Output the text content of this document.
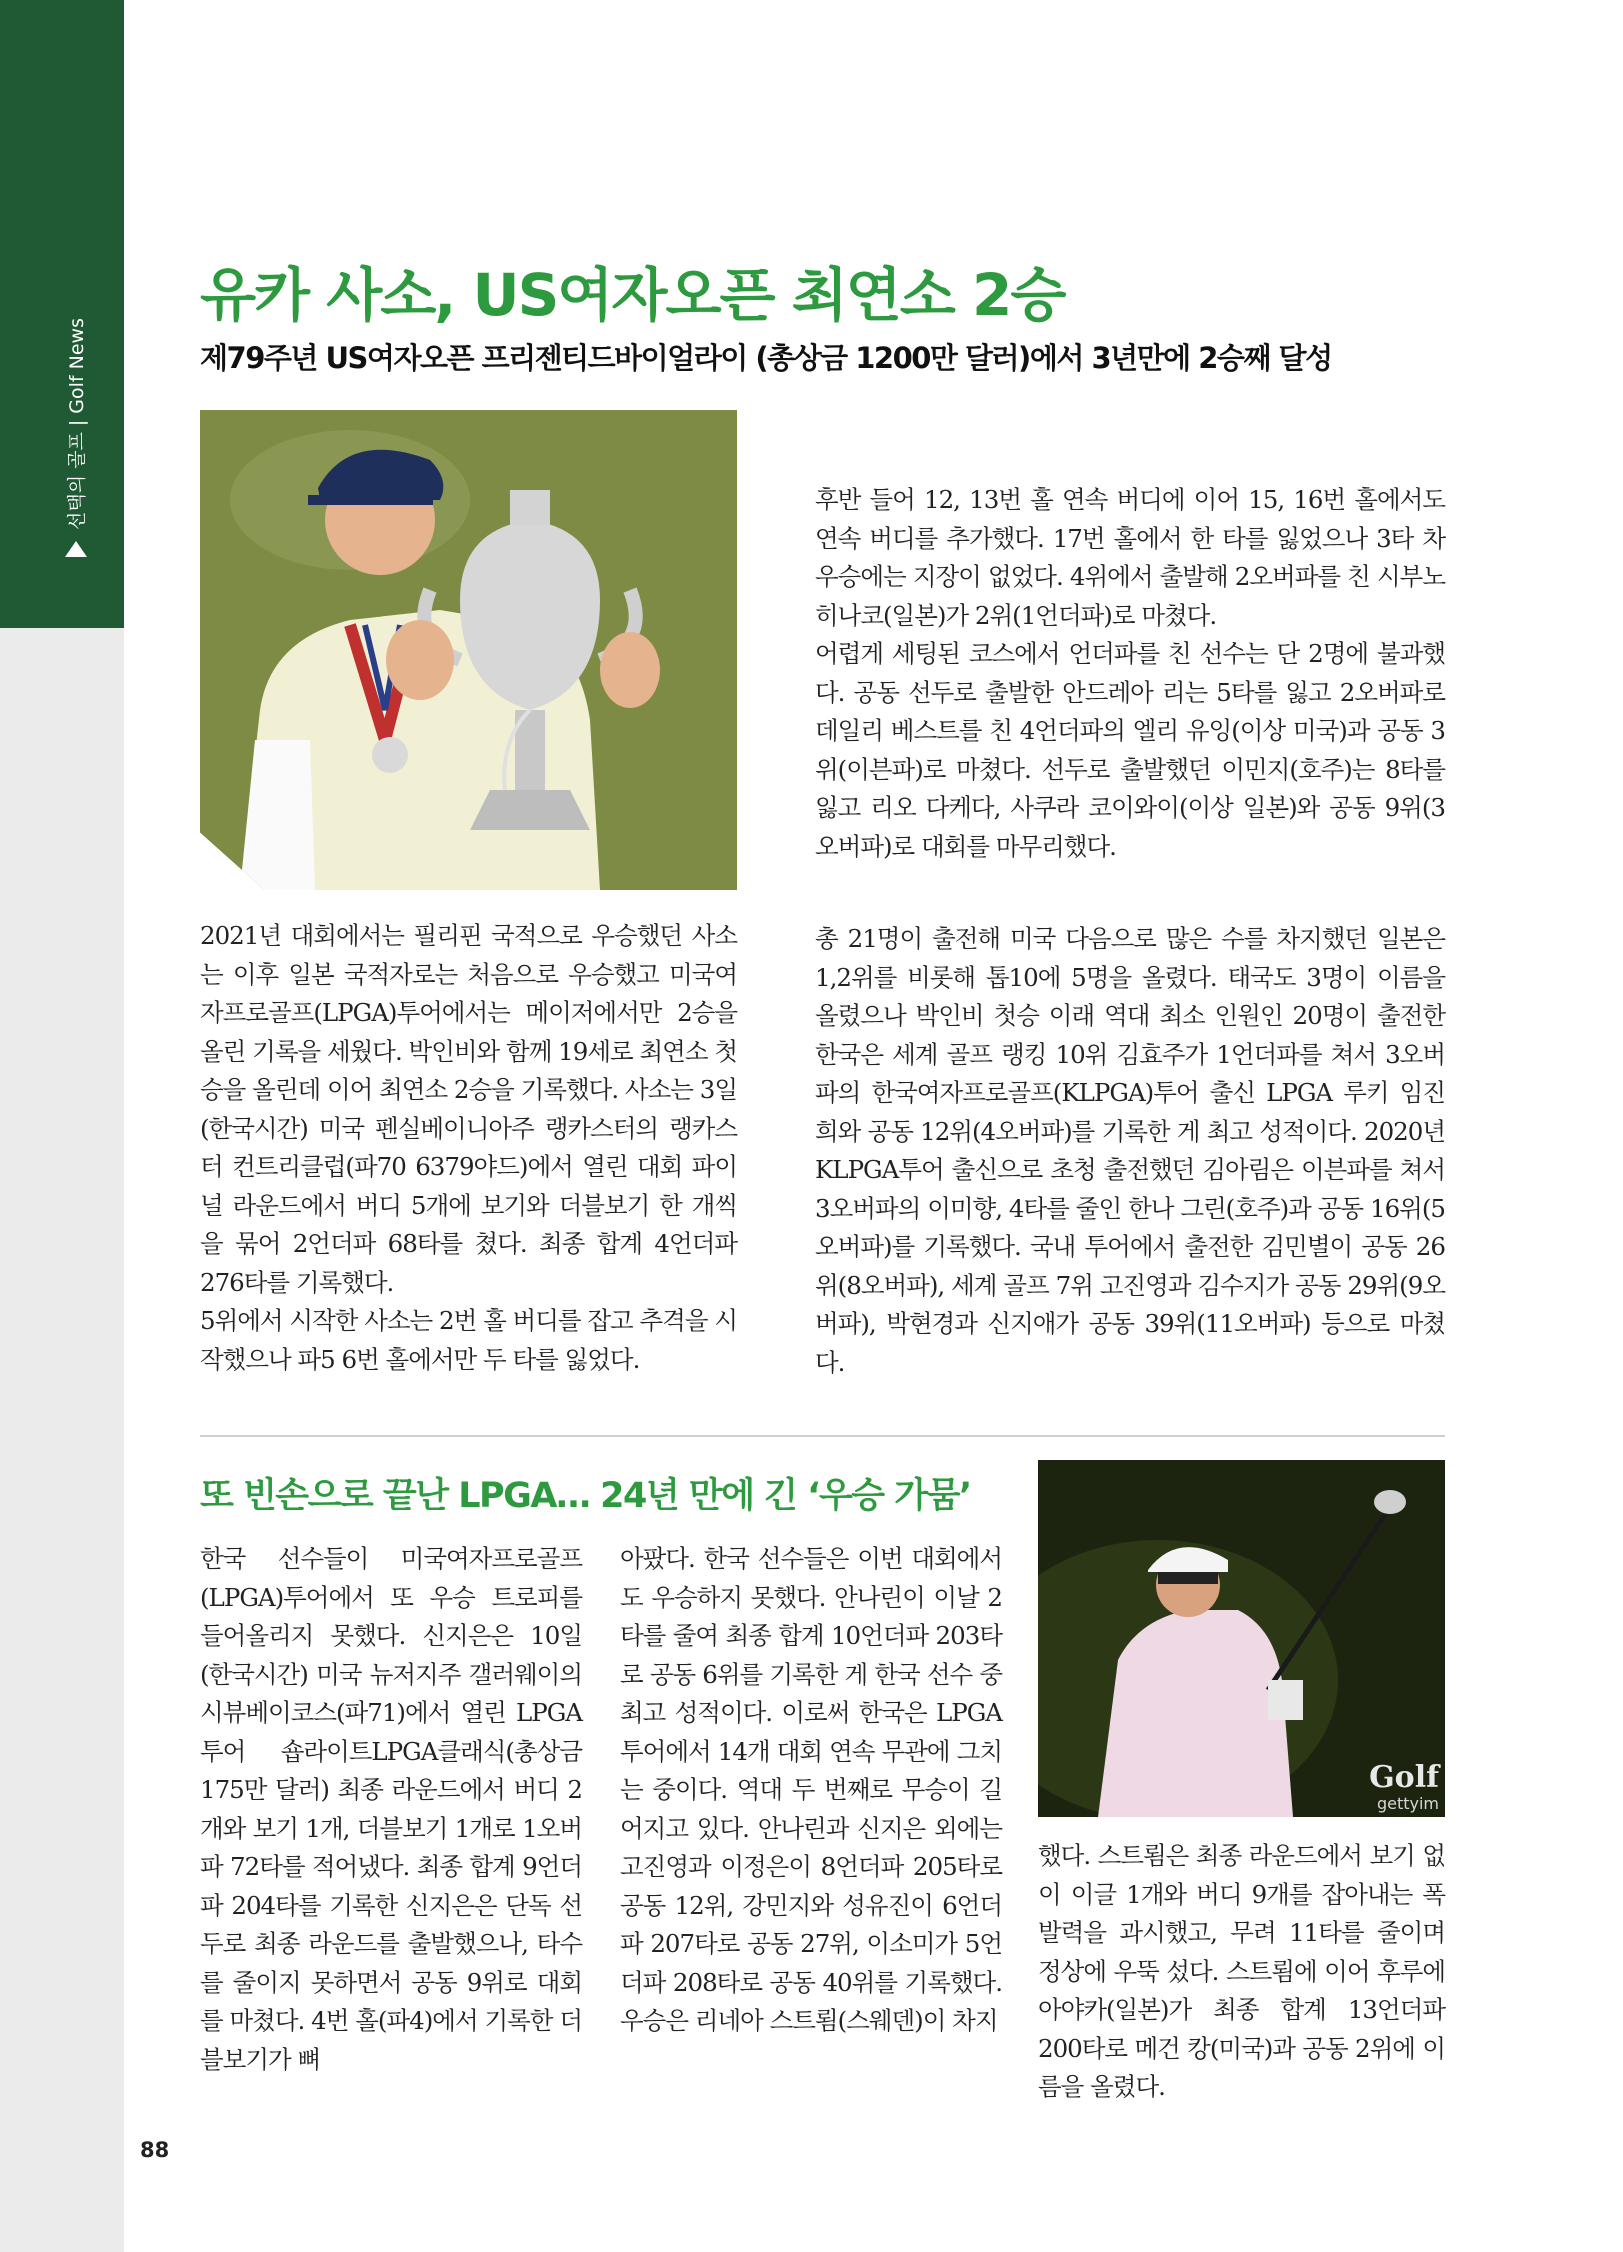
선택의 골프 | Golf News
유카 사소, US여자오픈 최연소 2승
제79주년 US여자오픈 프리젠티드바이얼라이 (총상금 1200만 달러)에서 3년만에 2승째 달성

후반 들어 12, 13번 홀 연속 버디에 이어 15, 16번 홀에서도 연속 버디를 추가했다. 17번 홀에서 한 타를 잃었으나 3타 차 우승에는 지장이 없었다. 4위에서 출발해 2오버파를 친 시부노 히나코(일본)가 2위(1언더파)로 마쳤다.
어렵게 세팅된 코스에서 언더파를 친 선수는 단 2명에 불과했다. 공동 선두로 출발한 안드레아 리는 5타를 잃고 2오버파로 데일리 베스트를 친 4언더파의 엘리 유잉(이상 미국)과 공동 3위(이븐파)로 마쳤다. 선두로 출발했던 이민지(호주)는 8타를 잃고 리오 다케다, 사쿠라 코이와이(이상 일본)와 공동 9위(3오버파)로 대회를 마무리했다.

2021년 대회에서는 필리핀 국적으로 우승했던 사소는 이후 일본 국적자로는 처음으로 우승했고 미국여자프로골프(LPGA)투어에서는 메이저에서만 2승을 올린 기록을 세웠다. 박인비와 함께 19세로 최연소 첫승을 올린데 이어 최연소 2승을 기록했다. 사소는 3일(한국시간) 미국 펜실베이니아주 랭카스터의 랭카스터 컨트리클럽(파70 6379야드)에서 열린 대회 파이널 라운드에서 버디 5개에 보기와 더블보기 한 개씩을 묶어 2언더파 68타를 쳤다. 최종 합계 4언더파 276타를 기록했다.
5위에서 시작한 사소는 2번 홀 버디를 잡고 추격을 시작했으나 파5 6번 홀에서만 두 타를 잃었다.

총 21명이 출전해 미국 다음으로 많은 수를 차지했던 일본은 1,2위를 비롯해 톱10에 5명을 올렸다. 태국도 3명이 이름을 올렸으나 박인비 첫승 이래 역대 최소 인원인 20명이 출전한 한국은 세계 골프 랭킹 10위 김효주가 1언더파를 쳐서 3오버파의 한국여자프로골프(KLPGA)투어 출신 LPGA 루키 임진희와 공동 12위(4오버파)를 기록한 게 최고 성적이다. 2020년 KLPGA투어 출신으로 초청 출전했던 김아림은 이븐파를 쳐서 3오버파의 이미향, 4타를 줄인 한나 그린(호주)과 공동 16위(5오버파)를 기록했다. 국내 투어에서 출전한 김민별이 공동 26위(8오버파), 세계 골프 7위 고진영과 김수지가 공동 29위(9오버파), 박현경과 신지애가 공동 39위(11오버파) 등으로 마쳤다.

또 빈손으로 끝난 LPGA… 24년 만에 긴 ‘우승 가뭄’

한국 선수들이 미국여자프로골프(LPGA)투어에서 또 우승 트로피를 들어올리지 못했다. 신지은은 10일(한국시간) 미국 뉴저지주 갤러웨이의 시뷰베이코스(파71)에서 열린 LPGA투어 숍라이트LPGA클래식(총상금 175만 달러) 최종 라운드에서 버디 2개와 보기 1개, 더블보기 1개로 1오버파 72타를 적어냈다. 최종 합계 9언더파 204타를 기록한 신지은은 단독 선두로 최종 라운드를 출발했으나, 타수를 줄이지 못하면서 공동 9위로 대회를 마쳤다. 4번 홀(파4)에서 기록한 더블보기가 뼈

아팠다. 한국 선수들은 이번 대회에서도 우승하지 못했다. 안나린이 이날 2타를 줄여 최종 합계 10언더파 203타로 공동 6위를 기록한 게 한국 선수 중 최고 성적이다. 이로써 한국은 LPGA투어에서 14개 대회 연속 무관에 그치는 중이다. 역대 두 번째로 무승이 길어지고 있다. 안나린과 신지은 외에는 고진영과 이정은이 8언더파 205타로 공동 12위, 강민지와 성유진이 6언더파 207타로 공동 27위, 이소미가 5언더파 208타로 공동 40위를 기록했다. 우승은 리네아 스트룀(스웨덴)이 차지

Golf
gettyim

했다. 스트룀은 최종 라운드에서 보기 없이 이글 1개와 버디 9개를 잡아내는 폭발력을 과시했고, 무려 11타를 줄이며 정상에 우뚝 섰다. 스트룀에 이어 후루에 아야카(일본)가 최종 합계 13언더파 200타로 메건 캉(미국)과 공동 2위에 이름을 올렸다.

88
